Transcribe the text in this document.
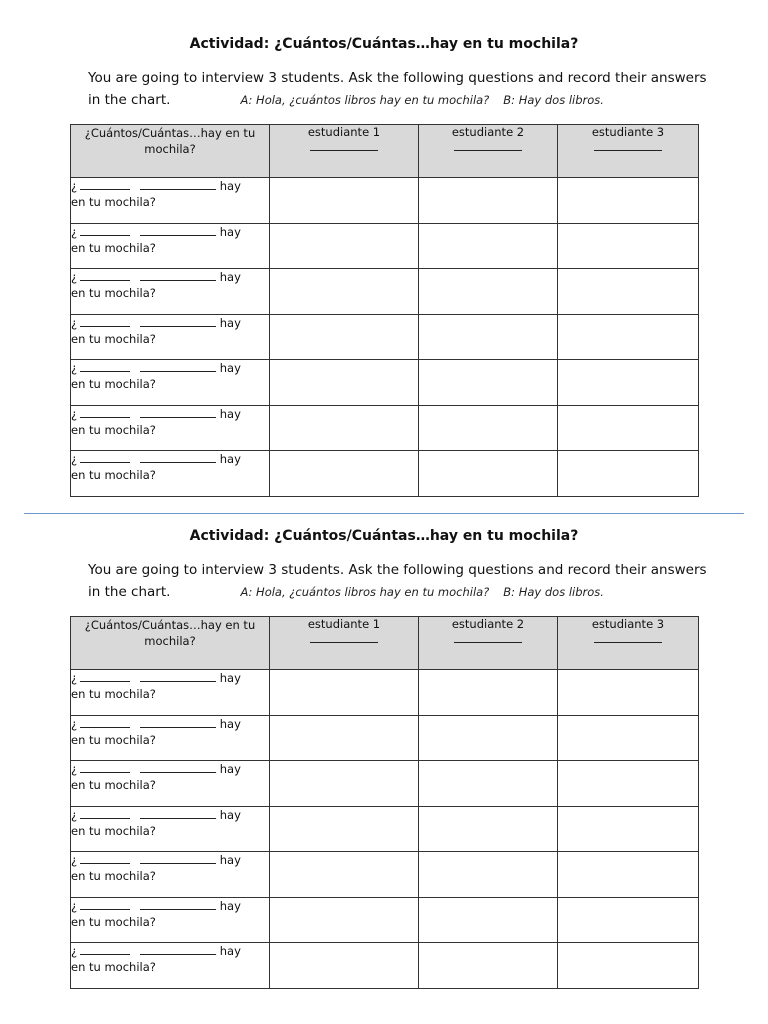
Actividad: ¿Cuántos/Cuántas…hay en tu mochila?

You are going to interview 3 students. Ask the following questions and record their answers in the chart.	A: Hola, ¿cuántos libros hay en tu mochila? B: Hay dos libros.
¿Cuántos/Cuántas…hay en tu mochila?	estudiante 1	estudiante 2	estudiante 3

¿ hay
en tu mochila?			
¿ hay
en tu mochila?			
¿ hay
en tu mochila?			
¿ hay
en tu mochila?			
¿ hay
en tu mochila?			
¿ hay
en tu mochila?			
¿ hay
en tu mochila?			

Actividad: ¿Cuántos/Cuántas…hay en tu mochila?

You are going to interview 3 students. Ask the following questions and record their answers in the chart.	A: Hola, ¿cuántos libros hay en tu mochila? B: Hay dos libros.
¿Cuántos/Cuántas…hay en tu mochila?	estudiante 1	estudiante 2	estudiante 3

¿ hay
en tu mochila?			
¿ hay
en tu mochila?			
¿ hay
en tu mochila?			
¿ hay
en tu mochila?			
¿ hay
en tu mochila?			
¿ hay
en tu mochila?			
¿ hay
en tu mochila?			
